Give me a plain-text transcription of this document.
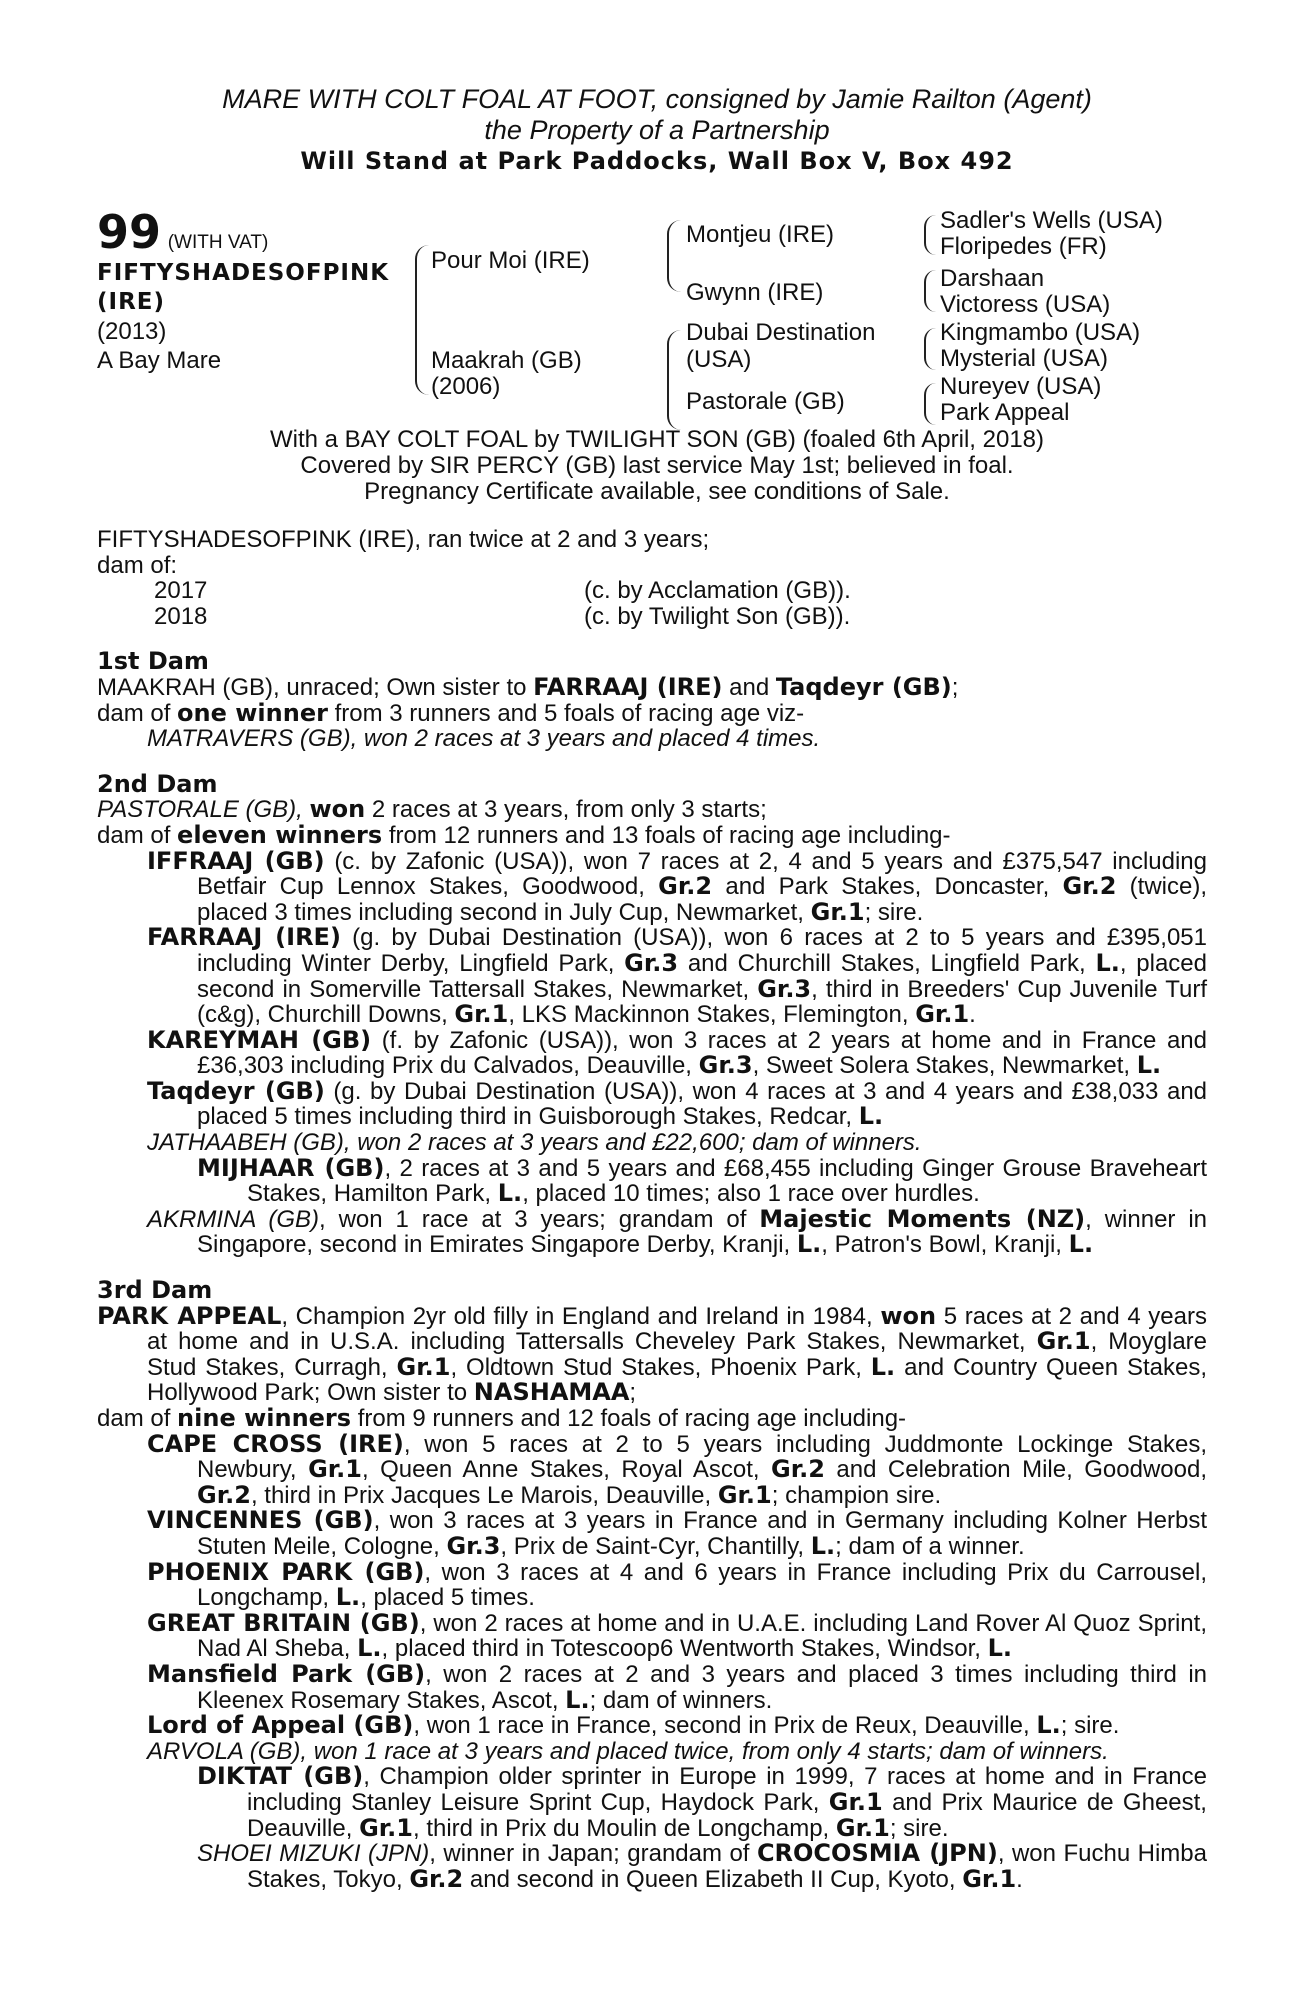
MARE WITH COLT FOAL AT FOOT, consigned by Jamie Railton (Agent)
the Property of a Partnership
Will Stand at Park Paddocks, Wall Box V, Box 492
99 (WITH VAT)
FIFTYSHADESOFPINK
(IRE)
(2013)
A Bay Mare
Pour Moi (IRE)
Maakrah (GB)
(2006)
Montjeu (IRE)
Gwynn (IRE)
Dubai Destination
(USA)
Pastorale (GB)
Sadler's Wells (USA)
Floripedes (FR)
Darshaan
Victoress (USA)
Kingmambo (USA)
Mysterial (USA)
Nureyev (USA)
Park Appeal
With a BAY COLT FOAL by TWILIGHT SON (GB) (foaled 6th April, 2018)
Covered by SIR PERCY (GB) last service May 1st; believed in foal.
Pregnancy Certificate available, see conditions of Sale.

FIFTYSHADESOFPINK (IRE), ran twice at 2 and 3 years;

dam of:

2017	(c. by Acclamation (GB)).
2018	(c. by Twilight Son (GB)).

1st Dam

MAAKRAH (GB), unraced; Own sister to FARRAAJ (IRE) and Taqdeyr (GB);

dam of one winner from 3 runners and 5 foals of racing age viz-

MATRAVERS (GB), won 2 races at 3 years and placed 4 times.

2nd Dam

PASTORALE (GB), won 2 races at 3 years, from only 3 starts;

dam of eleven winners from 12 runners and 13 foals of racing age including-

IFFRAAJ (GB) (c. by Zafonic (USA)), won 7 races at 2, 4 and 5 years and £375,547 including Betfair Cup Lennox Stakes, Goodwood, Gr.2 and Park Stakes, Doncaster, Gr.2 (twice), placed 3 times including second in July Cup, Newmarket, Gr.1; sire.

FARRAAJ (IRE) (g. by Dubai Destination (USA)), won 6 races at 2 to 5 years and £395,051 including Winter Derby, Lingfield Park, Gr.3 and Churchill Stakes, Lingfield Park, L., placed second in Somerville Tattersall Stakes, Newmarket, Gr.3, third in Breeders' Cup Juvenile Turf (c&g), Churchill Downs, Gr.1, LKS Mackinnon Stakes, Flemington, Gr.1.

KAREYMAH (GB) (f. by Zafonic (USA)), won 3 races at 2 years at home and in France and £36,303 including Prix du Calvados, Deauville, Gr.3, Sweet Solera Stakes, Newmarket, L.

Taqdeyr (GB) (g. by Dubai Destination (USA)), won 4 races at 3 and 4 years and £38,033 and placed 5 times including third in Guisborough Stakes, Redcar, L.

JATHAABEH (GB), won 2 races at 3 years and £22,600; dam of winners.

MIJHAAR (GB), 2 races at 3 and 5 years and £68,455 including Ginger Grouse Braveheart Stakes, Hamilton Park, L., placed 10 times; also 1 race over hurdles.

AKRMINA (GB), won 1 race at 3 years; grandam of Majestic Moments (NZ), winner in Singapore, second in Emirates Singapore Derby, Kranji, L., Patron's Bowl, Kranji, L.

3rd Dam

PARK APPEAL, Champion 2yr old filly in England and Ireland in 1984, won 5 races at 2 and 4 years at home and in U.S.A. including Tattersalls Cheveley Park Stakes, Newmarket, Gr.1, Moyglare Stud Stakes, Curragh, Gr.1, Oldtown Stud Stakes, Phoenix Park, L. and Country Queen Stakes, Hollywood Park; Own sister to NASHAMAA;

dam of nine winners from 9 runners and 12 foals of racing age including-

CAPE CROSS (IRE), won 5 races at 2 to 5 years including Juddmonte Lockinge Stakes, Newbury, Gr.1, Queen Anne Stakes, Royal Ascot, Gr.2 and Celebration Mile, Goodwood, Gr.2, third in Prix Jacques Le Marois, Deauville, Gr.1; champion sire.

VINCENNES (GB), won 3 races at 3 years in France and in Germany including Kolner Herbst Stuten Meile, Cologne, Gr.3, Prix de Saint-Cyr, Chantilly, L.; dam of a winner.

PHOENIX PARK (GB), won 3 races at 4 and 6 years in France including Prix du Carrousel, Longchamp, L., placed 5 times.

GREAT BRITAIN (GB), won 2 races at home and in U.A.E. including Land Rover Al Quoz Sprint, Nad Al Sheba, L., placed third in Totescoop6 Wentworth Stakes, Windsor, L.

Mansfield Park (GB), won 2 races at 2 and 3 years and placed 3 times including third in Kleenex Rosemary Stakes, Ascot, L.; dam of winners.

Lord of Appeal (GB), won 1 race in France, second in Prix de Reux, Deauville, L.; sire.

ARVOLA (GB), won 1 race at 3 years and placed twice, from only 4 starts; dam of winners.

DIKTAT (GB), Champion older sprinter in Europe in 1999, 7 races at home and in France including Stanley Leisure Sprint Cup, Haydock Park, Gr.1 and Prix Maurice de Gheest, Deauville, Gr.1, third in Prix du Moulin de Longchamp, Gr.1; sire.

SHOEI MIZUKI (JPN), winner in Japan; grandam of CROCOSMIA (JPN), won Fuchu Himba Stakes, Tokyo, Gr.2 and second in Queen Elizabeth II Cup, Kyoto, Gr.1.
